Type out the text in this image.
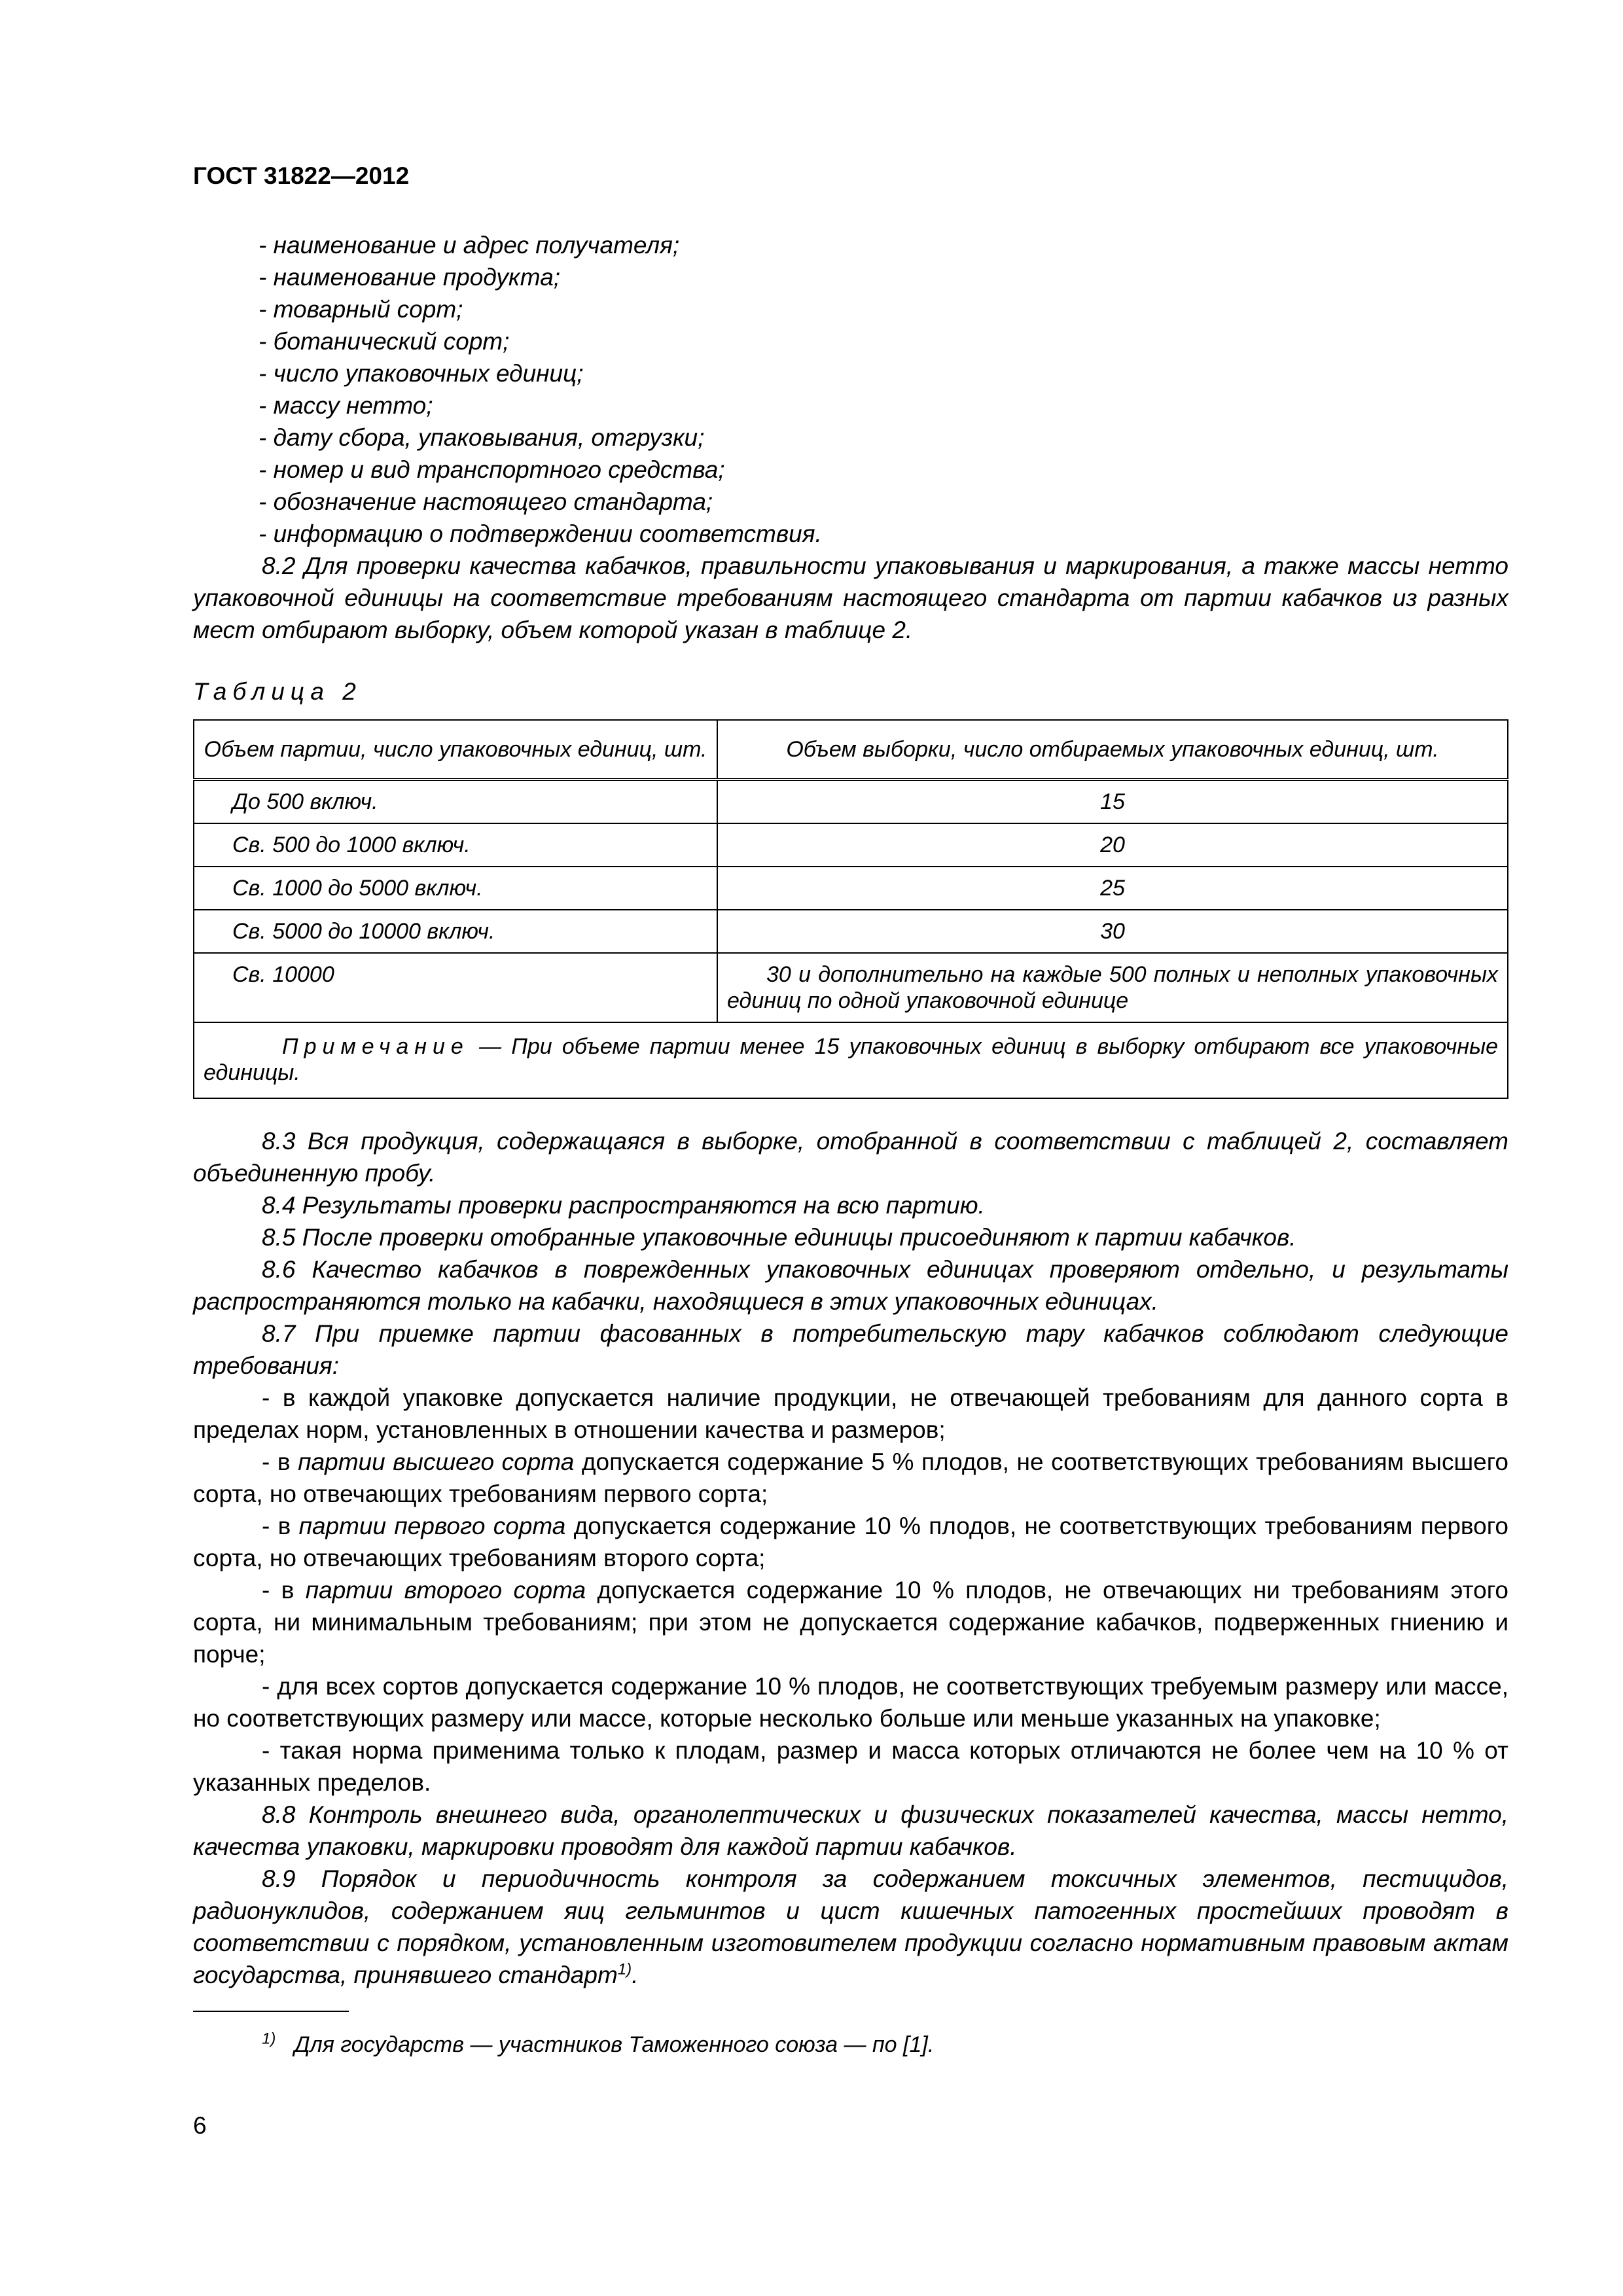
ГОСТ 31822—2012
- наименование и адрес получателя;
- наименование продукта;
- товарный сорт;
- ботанический сорт;
- число упаковочных единиц;
- массу нетто;
- дату сбора, упаковывания, отгрузки;
- номер и вид транспортного средства;
- обозначение настоящего стандарта;
- информацию о подтверждении соответствия.
8.2 Для проверки качества кабачков, правильности упаковывания и маркирования, а также массы нетто упаковочной единицы на соответствие требованиям настоящего стандарта от партии кабачков из разных мест отбирают выборку, объем которой указан в таблице 2.
Таблица 2
Объем партии, число упаковочных единиц, шт.	Объем выборки, число отбираемых упаковочных единиц, шт.
До 500 включ.	15
Св. 500 до 1000 включ.	20
Св. 1000 до 5000 включ.	25
Св. 5000 до 10000 включ.	30
Св. 10000	30 и дополнительно на каждые 500 полных и неполных упаковочных единиц по одной упаковочной единице
Примечание — При объеме партии менее 15 упаковочных единиц в выборку отбирают все упаковочные единицы.	
8.3 Вся продукция, содержащаяся в выборке, отобранной в соответствии с таблицей 2, составляет объединенную пробу.
8.4 Результаты проверки распространяются на всю партию.
8.5 После проверки отобранные упаковочные единицы присоединяют к партии кабачков.
8.6 Качество кабачков в поврежденных упаковочных единицах проверяют отдельно, и результаты распространяются только на кабачки, находящиеся в этих упаковочных единицах.
8.7 При приемке партии фасованных в потребительскую тару кабачков соблюдают следующие требования:
- в каждой упаковке допускается наличие продукции, не отвечающей требованиям для данного сорта в пределах норм, установленных в отношении качества и размеров;
- в партии высшего сорта допускается содержание 5 % плодов, не соответствующих требованиям высшего сорта, но отвечающих требованиям первого сорта;
- в партии первого сорта допускается содержание 10 % плодов, не соответствующих требованиям первого сорта, но отвечающих требованиям второго сорта;
- в партии второго сорта допускается содержание 10 % плодов, не отвечающих ни требованиям этого сорта, ни минимальным требованиям; при этом не допускается содержание кабачков, подверженных гниению и порче;
- для всех сортов допускается содержание 10 % плодов, не соответствующих требуемым размеру или массе, но соответствующих размеру или массе, которые несколько больше или меньше указанных на упаковке;
- такая норма применима только к плодам, размер и масса которых отличаются не более чем на 10 % от указанных пределов.
8.8 Контроль внешнего вида, органолептических и физических показателей качества, массы нетто, качества упаковки, маркировки проводят для каждой партии кабачков.
8.9 Порядок и периодичность контроля за содержанием токсичных элементов, пестицидов, радионуклидов, содержанием яиц гельминтов и цист кишечных патогенных простейших проводят в соответствии с порядком, установленным изготовителем продукции согласно нормативным правовым актам государства, принявшего стандарт$^{1)}$.
$^{1)}$ Для государств — участников Таможенного союза — по [1].
6
